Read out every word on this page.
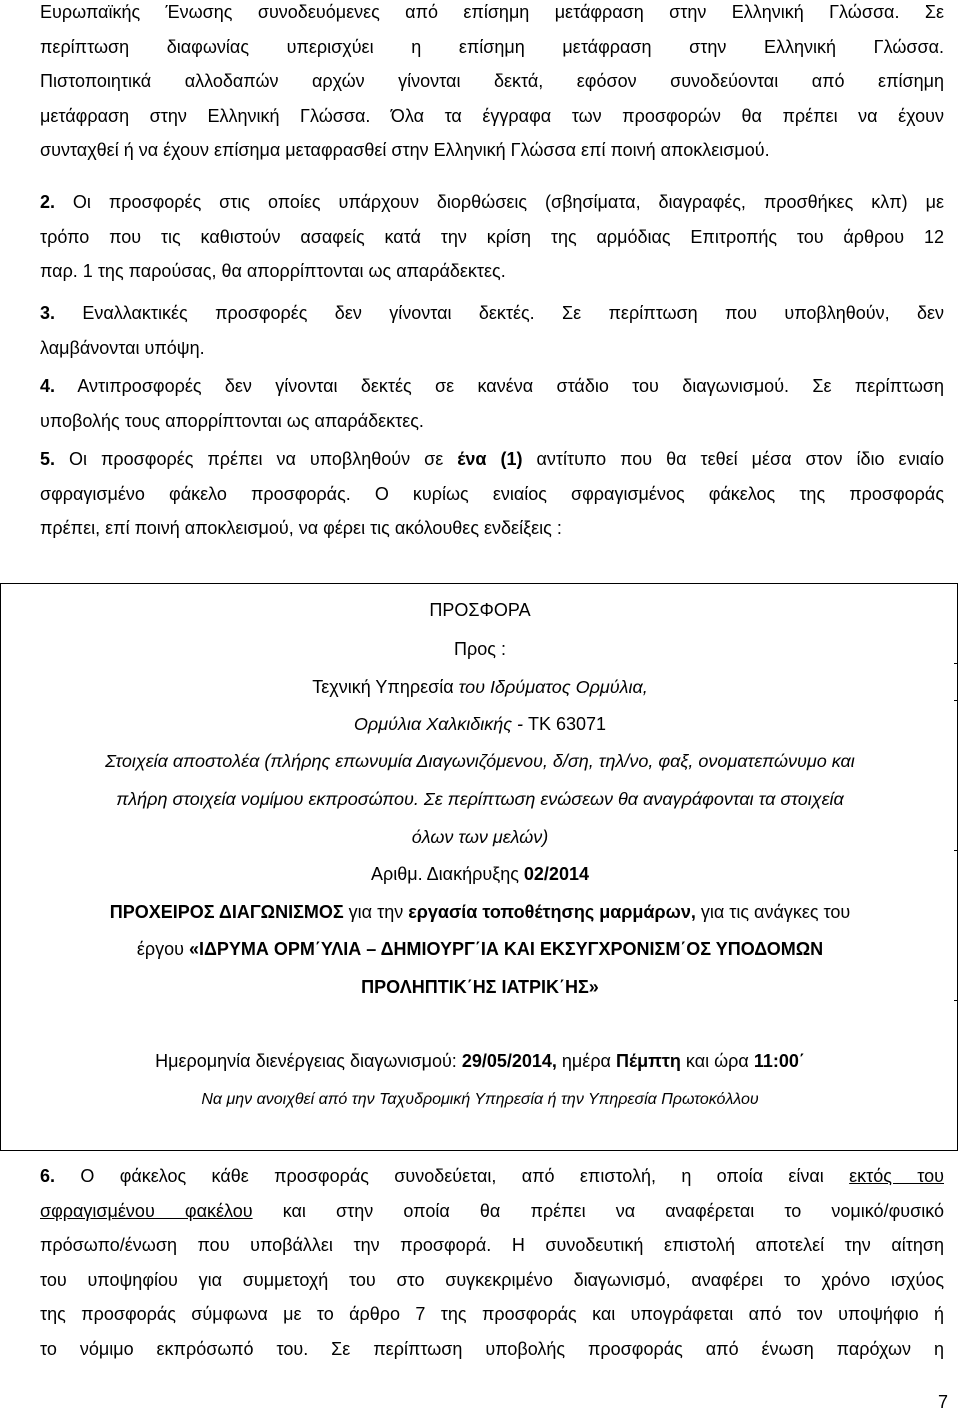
Ευρωπαϊκής Ένωσης συνοδευόμενες από επίσημη μετάφραση στην Ελληνική Γλώσσα. Σε
περίπτωση διαφωνίας υπερισχύει η επίσημη μετάφραση στην Ελληνική Γλώσσα.
Πιστοποιητικά αλλοδαπών αρχών γίνονται δεκτά, εφόσον συνοδεύονται από επίσημη
μετάφραση στην Ελληνική Γλώσσα. Όλα τα έγγραφα των προσφορών θα πρέπει να έχουν
συνταχθεί ή να έχουν επίσημα μεταφρασθεί στην Ελληνική Γλώσσα επί ποινή αποκλεισμού.
2. Οι προσφορές στις οποίες υπάρχουν διορθώσεις (σβησίματα, διαγραφές, προσθήκες κλπ) με
τρόπο που τις καθιστούν ασαφείς κατά την κρίση της αρμόδιας Επιτροπής του άρθρου 12
παρ. 1 της παρούσας, θα απορρίπτονται ως απαράδεκτες.
3. Εναλλακτικές προσφορές δεν γίνονται δεκτές. Σε περίπτωση που υποβληθούν, δεν
λαμβάνονται υπόψη.
4. Αντιπροσφορές δεν γίνονται δεκτές σε κανένα στάδιο του διαγωνισμού. Σε περίπτωση
υποβολής τους απορρίπτονται ως απαράδεκτες.
5. Οι προσφορές πρέπει να υποβληθούν σε ένα (1) αντίτυπο που θα τεθεί μέσα στον ίδιο ενιαίο
σφραγισμένο φάκελο προσφοράς. Ο κυρίως ενιαίος σφραγισμένος φάκελος της προσφοράς
πρέπει, επί ποινή αποκλεισμού, να φέρει τις ακόλουθες ενδείξεις :
ΠΡΟΣΦΟΡΑ
Προς :
Τεχνική Υπηρεσία του Ιδρύματος Ορμύλια,
Ορμύλια Χαλκιδικής - ΤΚ 63071
Στοιχεία αποστολέα (πλήρης επωνυμία Διαγωνιζόμενου, δ/ση, τηλ/νο, φαξ, ονοματεπώνυμο και
πλήρη στοιχεία νομίμου εκπροσώπου. Σε περίπτωση ενώσεων θα αναγράφονται τα στοιχεία
όλων των μελών)
Αριθμ. Διακήρυξης 02/2014
ΠΡΟΧΕΙΡΟΣ ΔΙΑΓΩΝΙΣΜΟΣ για την εργασία τοποθέτησης μαρμάρων, για τις ανάγκες του
έργου «ΙΔΡΥΜΑ ΟΡΜ΄ΥΛΙΑ – ΔΗΜΙΟΥΡΓ΄ΙΑ ΚΑΙ ΕΚΣΥΓΧΡΟΝΙΣΜ΄ΟΣ ΥΠΟΔΟΜΩΝ
ΠΡΟΛΗΠΤΙΚ΄ΗΣ ΙΑΤΡΙΚ΄ΗΣ»
Ημερομηνία διενέργειας διαγωνισμού: 29/05/2014, ημέρα Πέμπτη και ώρα 11:00΄
Να μην ανοιχθεί από την Ταχυδρομική Υπηρεσία ή την Υπηρεσία Πρωτοκόλλου
6. Ο φάκελος κάθε προσφοράς συνοδεύεται, από επιστολή, η οποία είναι εκτός του
σφραγισμένου φακέλου και στην οποία θα πρέπει να αναφέρεται το νομικό/φυσικό
πρόσωπο/ένωση που υποβάλλει την προσφορά. Η συνοδευτική επιστολή αποτελεί την αίτηση
του υποψηφίου για συμμετοχή του στο συγκεκριμένο διαγωνισμό, αναφέρει το χρόνο ισχύος
της προσφοράς σύμφωνα με το άρθρο 7 της προσφοράς και υπογράφεται από τον υποψήφιο ή
το νόμιμο εκπρόσωπό του. Σε περίπτωση υποβολής προσφοράς από ένωση παρόχων η
7
